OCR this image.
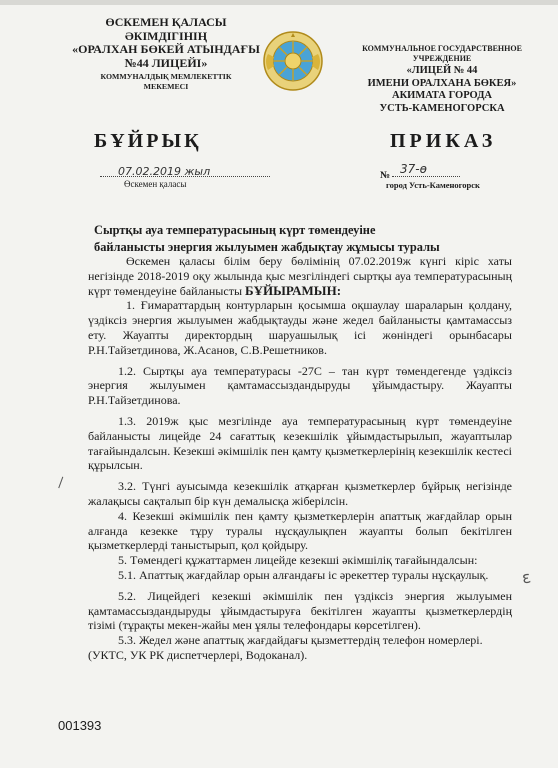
ӨСКЕМЕН ҚАЛАСЫ
ӘКІМДІГІНІҢ
«ОРАЛХАН БӨКЕЙ АТЫНДАҒЫ
№44 ЛИЦЕЙІ»
КОММУНАЛДЫҚ МЕМЛЕКЕТТІК
МЕКЕМЕСІ
КОММУНАЛЬНОЕ ГОСУДАРСТВЕННОЕ
УЧРЕЖДЕНИЕ
«ЛИЦЕЙ № 44
ИМЕНИ ОРАЛХАНА БӨКЕЯ»
АКИМАТА ГОРОДА
УСТЬ-КАМЕНОГОРСКА
БҰЙРЫҚ	ПРИКАЗ
07.02.2019 жыл
Өскемен қаласы
№ 37-ө
город Усть-Каменогорск
Сыртқы ауа температурасының күрт төмендеуіне
байланысты энергия жылуымен жабдықтау жұмысы туралы

Өскемен қаласы білім беру бөлімінің 07.02.2019ж күнгі кіріс хаты негізінде 2018-2019 оқу жылында қыс мезгіліндегі сыртқы ауа температурасының күрт төмендеуіне байланысты БҰЙЫРАМЫН:

1. Ғимараттардың контурларын қосымша оқшаулау шараларын қолдану, үздіксіз энергия жылуымен жабдықтауды және жедел байланысты қамтамассыз ету. Жауапты директордың шаруашылық ісі жөніндегі орынбасары Р.Н.Тайзетдинова, Ж.Асанов, С.В.Решетников.

1.2. Сыртқы ауа температурасы -27С – тан күрт төмендегенде үздіксіз энергия жылуымен қамтамассыздандыруды ұйымдастыру. Жауапты Р.Н.Тайзетдинова.

1.3. 2019ж қыс мезгілінде ауа температурасының күрт төмендеуіне байланысты лицейде 24 сағаттық кезекшілік ұйымдастырылып, жауаптылар тағайындалсын. Кезекші әкімшілік пен қамту қызметкерлерінің кезекшілік кестесі құрылсын.

3.2. Түнгі ауысымда кезекшілік атқарған қызметкерлер бұйрық негізінде жалақысы сақталып бір күн демалысқа жіберілсін.

4. Кезекші әкімшілік пен қамту қызметкерлерін апаттық жағдайлар орын алғанда кезекке тұру туралы нұсқаулықпен жауапты болып бекітілген қызметкерлерді таныстырып, қол қойдыру.

5. Төмендегі құжаттармен лицейде кезекші әкімшіліқ тағайындалсын:

5.1. Апаттық жағдайлар орын алғандағы іс әрекеттер туралы нұсқаулық.

5.2. Лицейдегі кезекші әкімшілік пен үздіксіз энергия жылуымен қамтамассыздандыруды ұйымдастыруға бекітілген жауапты қызметкерлердің тізімі (тұрақты мекен-жайы мен ұялы телефондары көрсетілген).

5.3. Жедел және апаттық жағдайдағы қызметтердің телефон номерлері.

(УКТС, УК РК диспетчерлері, Водоканал).

ε
001393
